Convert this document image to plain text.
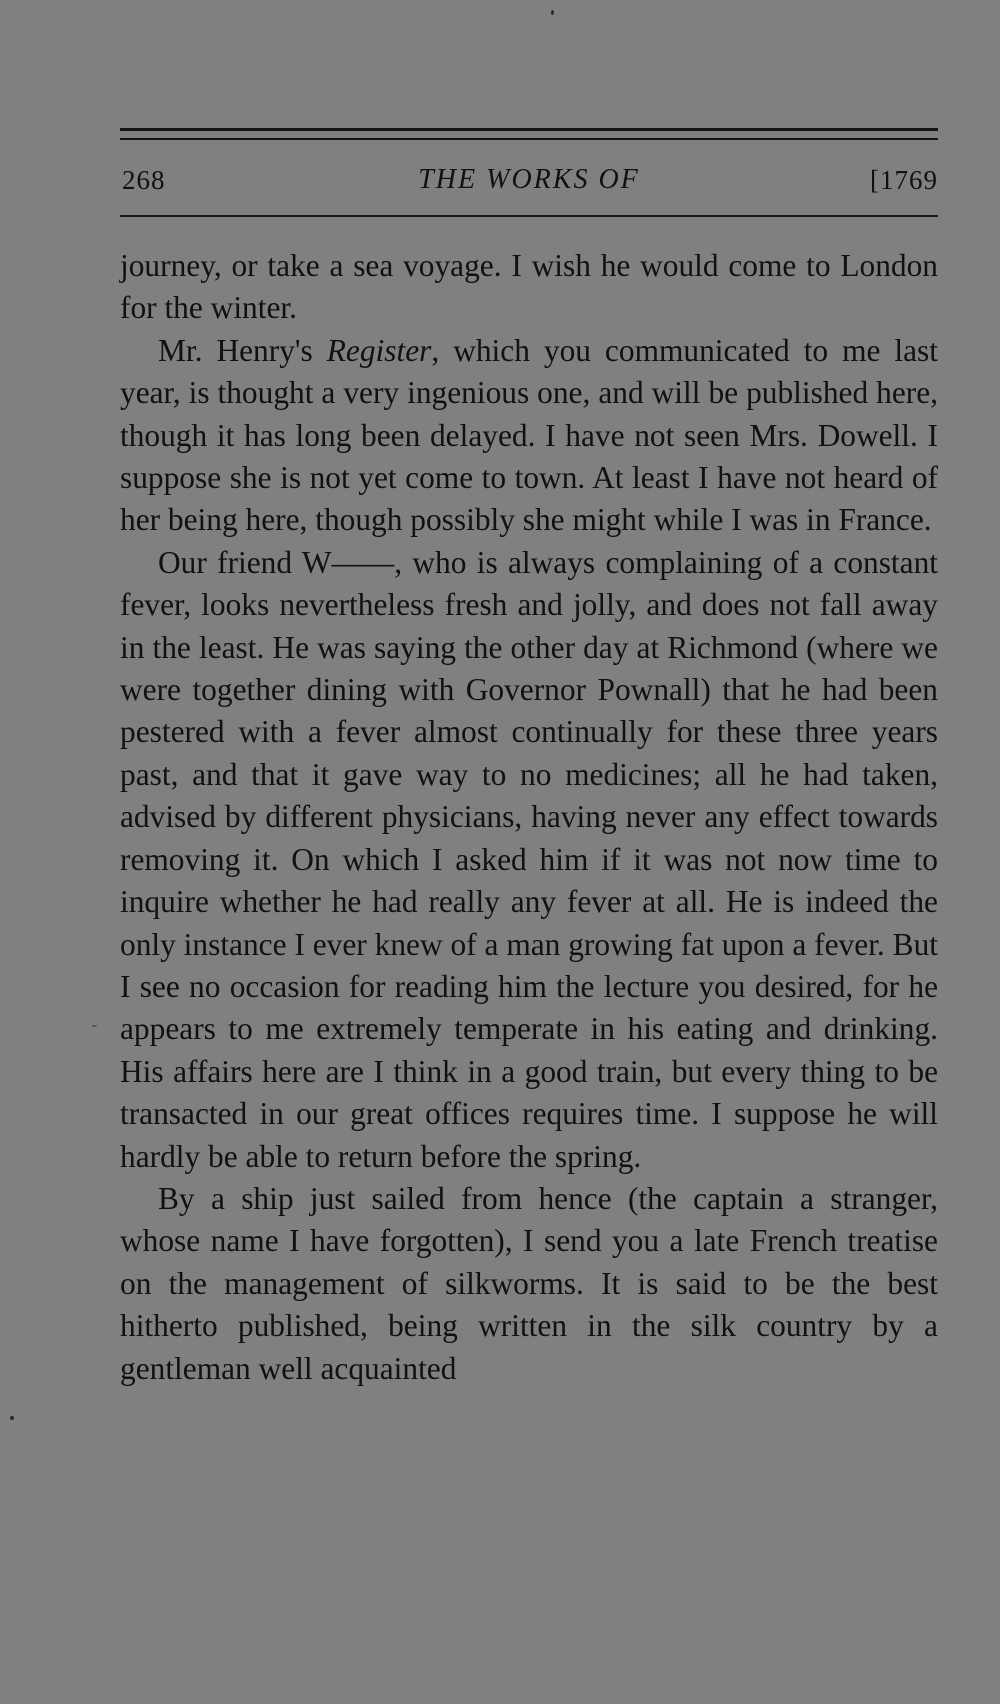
268	THE WORKS OF	[1769

journey, or take a sea voyage. I wish he would come to London for the winter.

Mr. Henry's Register, which you communicated to me last year, is thought a very ingenious one, and will be published here, though it has long been delayed. I have not seen Mrs. Dowell. I suppose she is not yet come to town. At least I have not heard of her being here, though possibly she might while I was in France.

Our friend W——, who is always complaining of a constant fever, looks nevertheless fresh and jolly, and does not fall away in the least. He was saying the other day at Richmond (where we were together dining with Governor Pownall) that he had been pestered with a fever almost continually for these three years past, and that it gave way to no medicines; all he had taken, advised by different physicians, having never any effect towards removing it. On which I asked him if it was not now time to inquire whether he had really any fever at all. He is indeed the only instance I ever knew of a man growing fat upon a fever. But I see no occasion for reading him the lecture you desired, for he appears to me extremely temperate in his eating and drinking. His affairs here are I think in a good train, but every thing to be transacted in our great offices requires time. I suppose he will hardly be able to return before the spring.

By a ship just sailed from hence (the captain a stranger, whose name I have forgotten), I send you a late French treatise on the management of silkworms. It is said to be the best hitherto published, being written in the silk country by a gentleman well acquainted
